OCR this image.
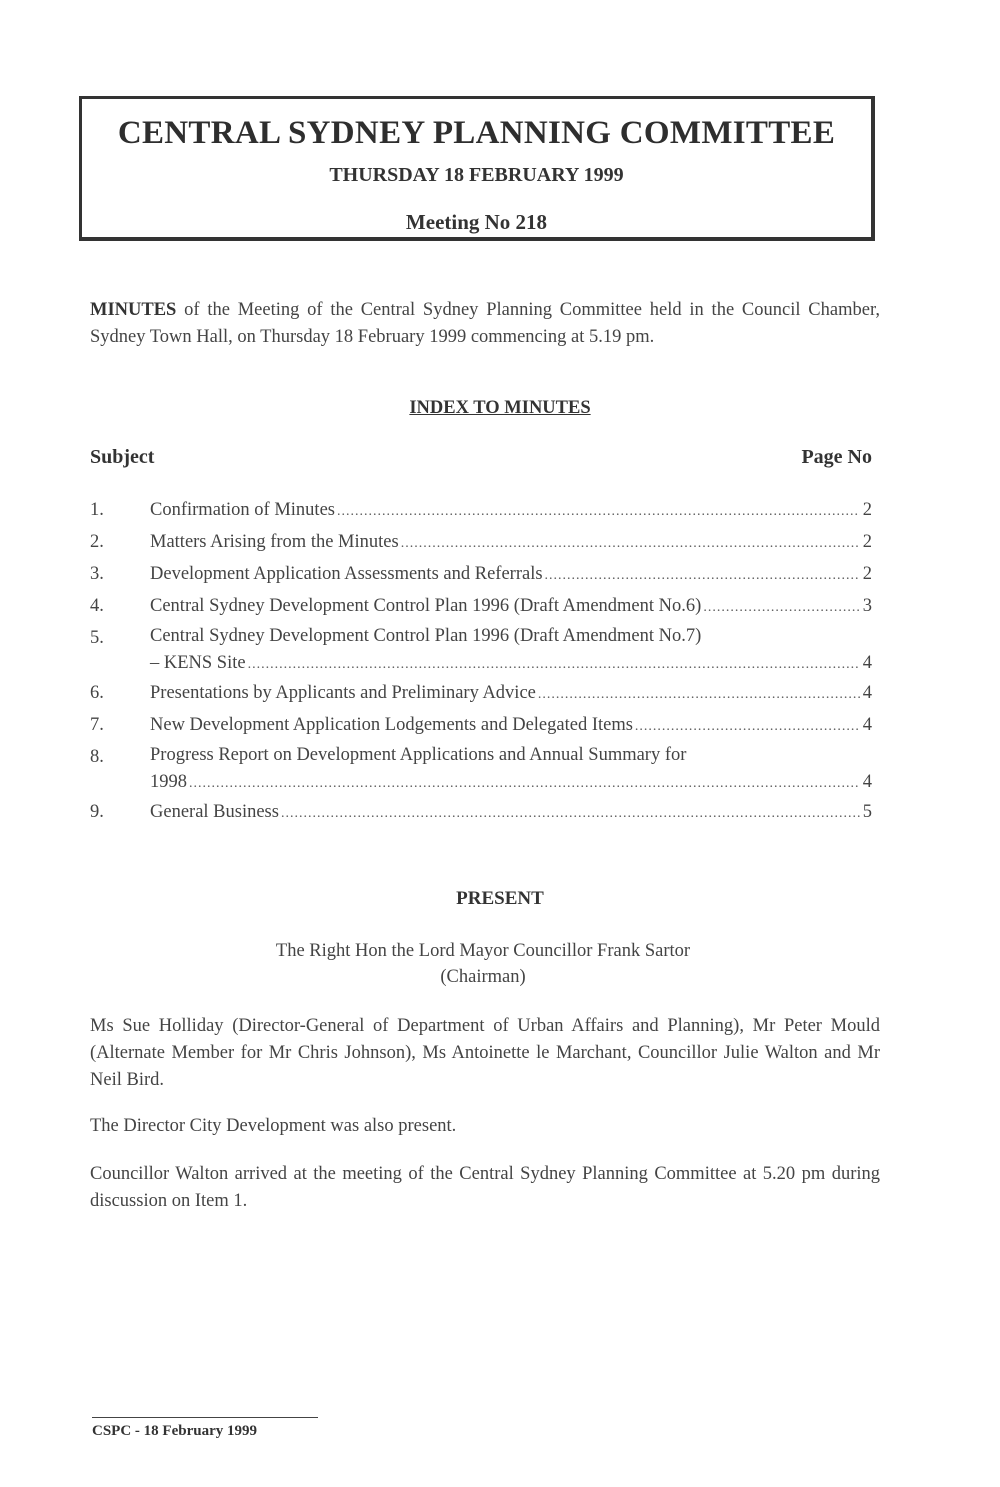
CENTRAL SYDNEY PLANNING COMMITTEE
THURSDAY 18 FEBRUARY 1999
Meeting No 218
MINUTES of the Meeting of the Central Sydney Planning Committee held in the Council Chamber, Sydney Town Hall, on Thursday 18 February 1999 commencing at 5.19 pm.
INDEX TO MINUTES
Subject	Page No
1.	Confirmation of Minutes .....	2
2.	Matters Arising from the Minutes .....	2
3.	Development Application Assessments and Referrals .....	2
4.	Central Sydney Development Control Plan 1996 (Draft Amendment No.6) .....	3
5.	Central Sydney Development Control Plan 1996 (Draft Amendment No.7)
– KENS Site .....	4
6.	Presentations by Applicants and Preliminary Advice .....	4
7.	New Development Application Lodgements and Delegated Items .....	4
8.	Progress Report on Development Applications and Annual Summary for
1998 .....	4
9.	General Business .....	5
PRESENT
The Right Hon the Lord Mayor Councillor Frank Sartor
(Chairman)
Ms Sue Holliday (Director-General of Department of Urban Affairs and Planning), Mr Peter Mould (Alternate Member for Mr Chris Johnson), Ms Antoinette le Marchant, Councillor Julie Walton and Mr Neil Bird.
The Director City Development was also present.
Councillor Walton arrived at the meeting of the Central Sydney Planning Committee at 5.20 pm during discussion on Item 1.
CSPC - 18 February 1999
